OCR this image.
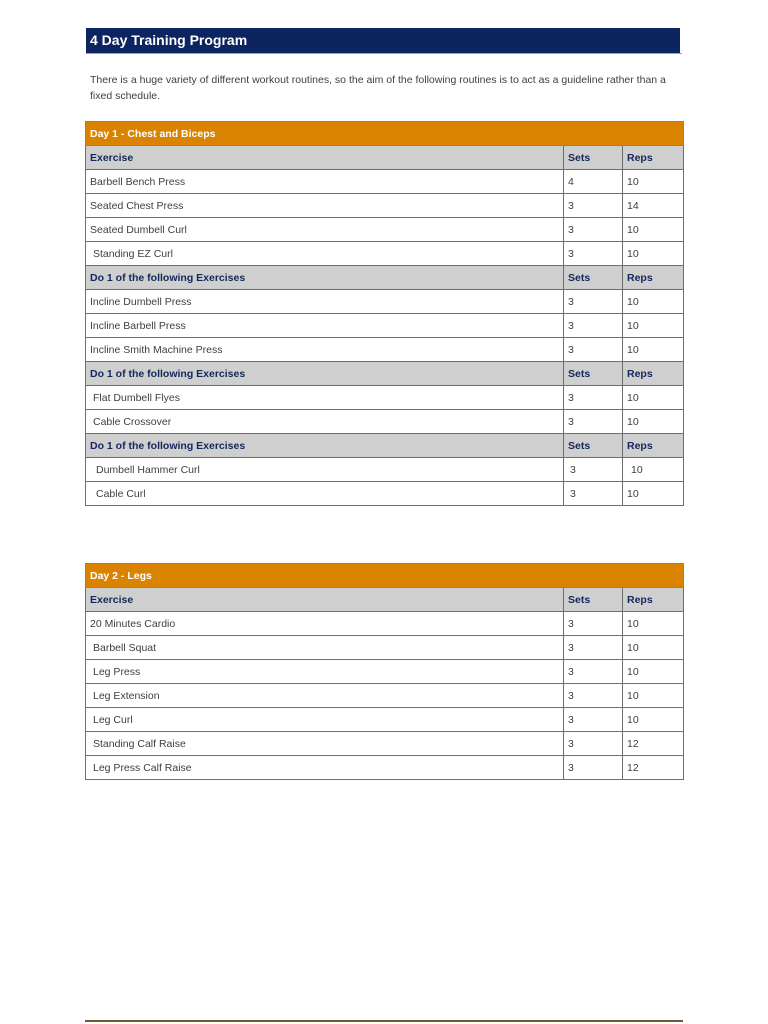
4 Day Training Program
There is a huge variety of different workout routines, so the aim of the following routines is to act as a guideline rather than a fixed schedule.
Day 1 - Chest and Biceps		
Exercise	Sets	Reps
Barbell Bench Press	4	10
Seated Chest Press	3	14
Seated Dumbell Curl	3	10
Standing EZ Curl	3	10
Do 1 of the following Exercises	Sets	Reps
Incline Dumbell Press	3	10
Incline Barbell Press	3	10
Incline Smith Machine Press	3	10
Do 1 of the following Exercises	Sets	Reps
Flat Dumbell Flyes	3	10
Cable Crossover	3	10
Do 1 of the following Exercises	Sets	Reps
Dumbell Hammer Curl	3	10
Cable Curl	3	10
Day 2 - Legs		
Exercise	Sets	Reps
20 Minutes Cardio	3	10
Barbell Squat	3	10
Leg Press	3	10
Leg Extension	3	10
Leg Curl	3	10
Standing Calf Raise	3	12
Leg Press Calf Raise	3	12
